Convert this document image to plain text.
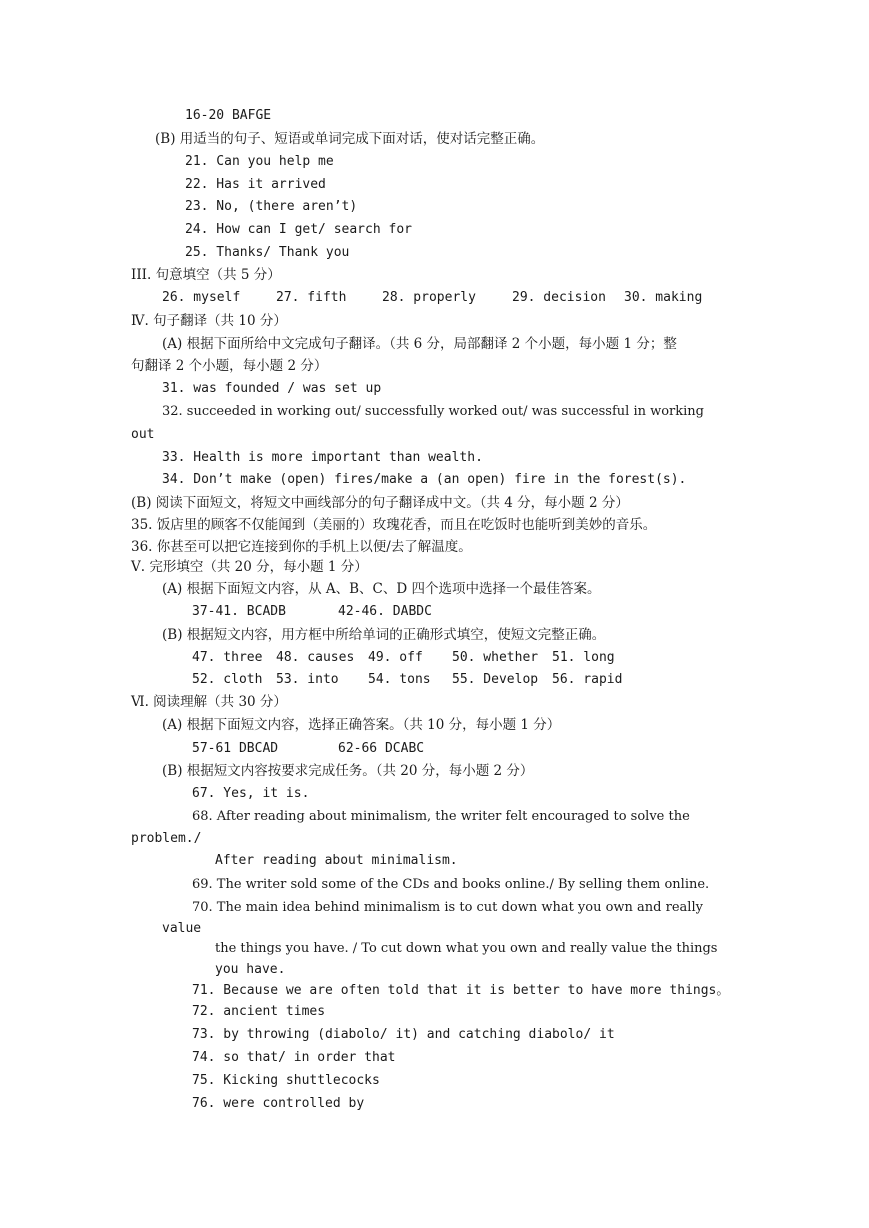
16-20 BAFGE
(B) 用适当的句子、短语或单词完成下面对话，使对话完整正确。
21. Can you help me
22. Has it arrived
23. No, (there aren’t)
24. How can I get/ search for
25. Thanks/ Thank you
III. 句意填空（共 5 分）
26. myself	27. fifth	28. properly	29. decision	30. making
Ⅳ. 句子翻译（共 10 分）
(A) 根据下面所给中文完成句子翻译。（共 6 分，局部翻译 2 个小题，每小题 1 分；整
句翻译 2 个小题，每小题 2 分）
31. was founded / was set up
32. succeeded in working out/ successfully worked out/ was successful in working
out
33. Health is more important than wealth.
34. Don’t make (open) fires/make a (an open) fire in the forest(s).
(B) 阅读下面短文，将短文中画线部分的句子翻译成中文。（共 4 分，每小题 2 分）
35. 饭店里的顾客不仅能闻到（美丽的）玫瑰花香，而且在吃饭时也能听到美妙的音乐。
36. 你甚至可以把它连接到你的手机上以便/去了解温度。
Ⅴ. 完形填空（共 20 分，每小题 1 分）
(A) 根据下面短文内容，从 A、B、C、D 四个选项中选择一个最佳答案。
37-41. BCADB	42-46. DABDC
(B) 根据短文内容，用方框中所给单词的正确形式填空，使短文完整正确。
47. three	48. causes	49. off	50. whether	51. long
52. cloth	53. into	54. tons	55. Develop	56. rapid
Ⅵ. 阅读理解（共 30 分）
(A) 根据下面短文内容，选择正确答案。（共 10 分，每小题 1 分）
57-61 DBCAD	62-66 DCABC
(B) 根据短文内容按要求完成任务。（共 20 分，每小题 2 分）
67. Yes, it is.
68. After reading about minimalism, the writer felt encouraged to solve the
problem./
After reading about minimalism.
69. The writer sold some of the CDs and books online./ By selling them online.
70. The main idea behind minimalism is to cut down what you own and really
value
the things you have. / To cut down what you own and really value the things
you have.
71. Because we are often told that it is better to have more things。
72. ancient times
73. by throwing (diabolo/ it) and catching diabolo/ it
74. so that/ in order that
75. Kicking shuttlecocks
76. were controlled by
